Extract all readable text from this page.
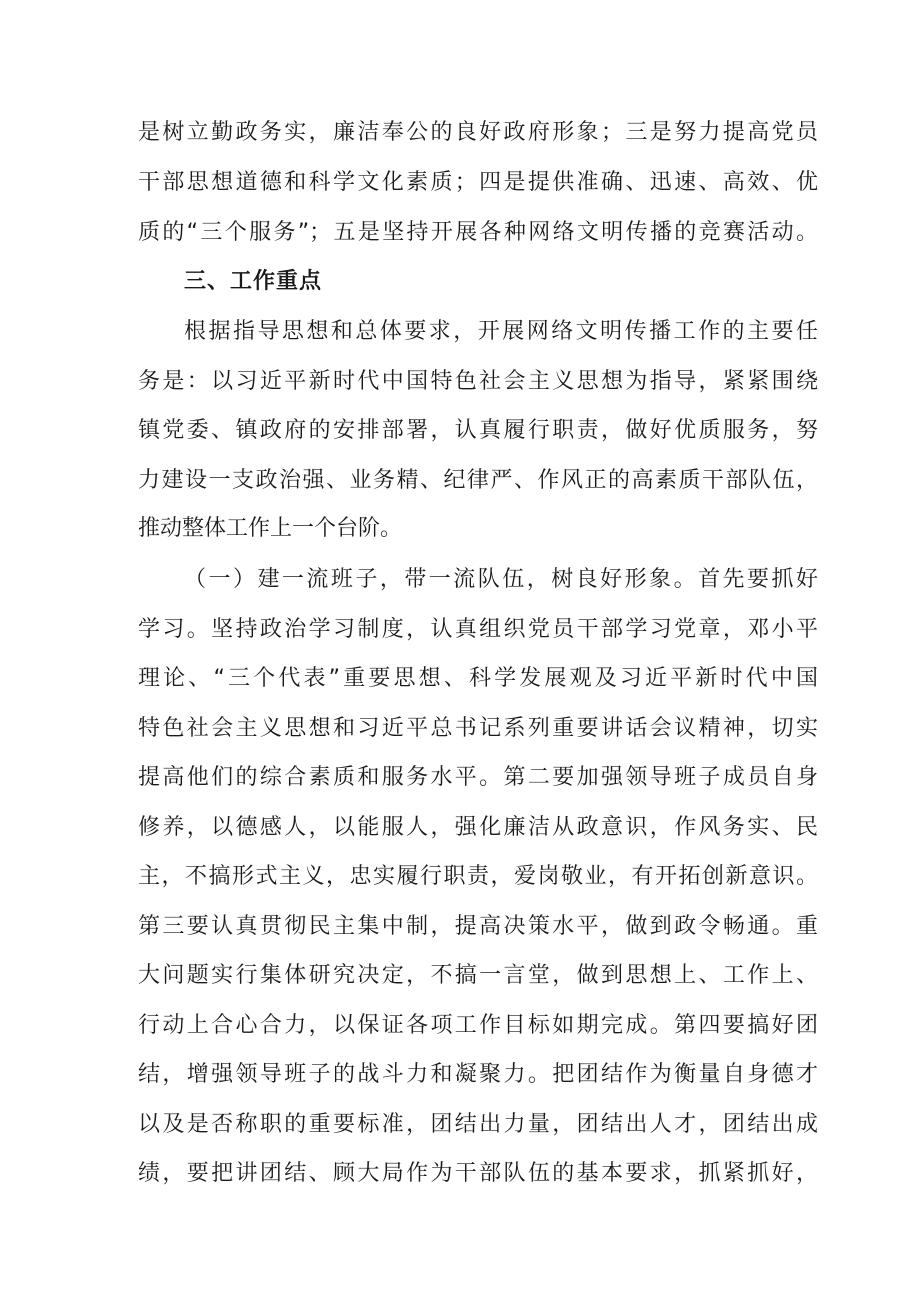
是树立勤政务实，廉洁奉公的良好政府形象；三是努力提高党员
干部思想道德和科学文化素质；四是提供准确、迅速、高效、优
质的“三个服务”；五是坚持开展各种网络文明传播的竞赛活动。
三、工作重点
根据指导思想和总体要求，开展网络文明传播工作的主要任
务是：以习近平新时代中国特色社会主义思想为指导，紧紧围绕
镇党委、镇政府的安排部署，认真履行职责，做好优质服务，努
力建设一支政治强、业务精、纪律严、作风正的高素质干部队伍，
推动整体工作上一个台阶。
（一）建一流班子，带一流队伍，树良好形象。首先要抓好
学习。坚持政治学习制度，认真组织党员干部学习党章，邓小平
理论、“三个代表”重要思想、科学发展观及习近平新时代中国
特色社会主义思想和习近平总书记系列重要讲话会议精神，切实
提高他们的综合素质和服务水平。第二要加强领导班子成员自身
修养，以德感人，以能服人，强化廉洁从政意识，作风务实、民
主，不搞形式主义，忠实履行职责，爱岗敬业，有开拓创新意识。
第三要认真贯彻民主集中制，提高决策水平，做到政令畅通。重
大问题实行集体研究决定，不搞一言堂，做到思想上、工作上、
行动上合心合力，以保证各项工作目标如期完成。第四要搞好团
结，增强领导班子的战斗力和凝聚力。把团结作为衡量自身德才
以及是否称职的重要标准，团结出力量，团结出人才，团结出成
绩，要把讲团结、顾大局作为干部队伍的基本要求，抓紧抓好，
